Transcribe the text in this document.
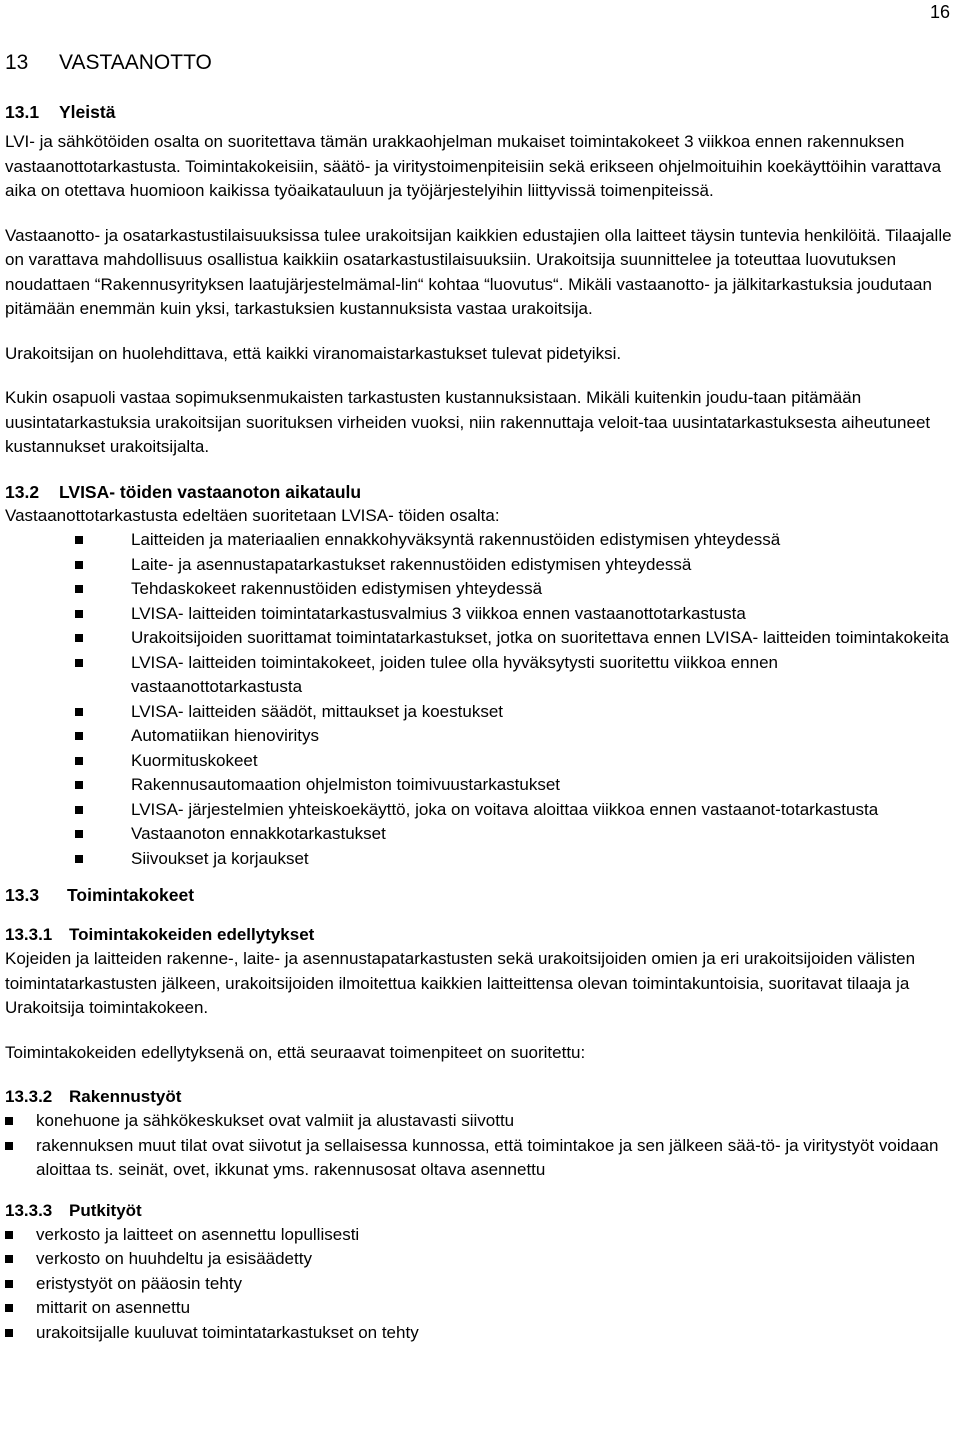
16
13 VASTAANOTTO
13.1 Yleistä

LVI- ja sähkötöiden osalta on suoritettava tämän urakkaohjelman mukaiset toimintakokeet 3 viikkoa ennen rakennuksen vastaanottotarkastusta. Toimintakokeisiin, säätö- ja viritystoimenpiteisiin sekä erikseen ohjelmoituihin koekäyttöihin varattava aika on otettava huomioon kaikissa työaikatauluun ja työjärjestelyihin liittyvissä toimenpiteissä.

Vastaanotto- ja osatarkastustilaisuuksissa tulee urakoitsijan kaikkien edustajien olla laitteet täysin tuntevia henkilöitä. Tilaajalle on varattava mahdollisuus osallistua kaikkiin osatarkastustilaisuuksiin. Urakoitsija suunnittelee ja toteuttaa luovutuksen noudattaen “Rakennusyrityksen laatujärjestelmämal-lin“ kohtaa “luovutus“. Mikäli vastaanotto- ja jälkitarkastuksia joudutaan pitämään enemmän kuin yksi, tarkastuksien kustannuksista vastaa urakoitsija.

Urakoitsijan on huolehdittava, että kaikki viranomaistarkastukset tulevat pidetyiksi.

Kukin osapuoli vastaa sopimuksenmukaisten tarkastusten kustannuksistaan. Mikäli kuitenkin joudu-taan pitämään uusintatarkastuksia urakoitsijan suorituksen virheiden vuoksi, niin rakennuttaja veloit-taa uusintatarkastuksesta aiheutuneet kustannukset urakoitsijalta.

13.2 LVISA- töiden vastaanoton aikataulu

Vastaanottotarkastusta edeltäen suoritetaan LVISA- töiden osalta:

Laitteiden ja materiaalien ennakkohyväksyntä rakennustöiden edistymisen yhteydessä
Laite- ja asennustapatarkastukset rakennustöiden edistymisen yhteydessä
Tehdaskokeet rakennustöiden edistymisen yhteydessä
LVISA- laitteiden toimintatarkastusvalmius 3 viikkoa ennen vastaanottotarkastusta
Urakoitsijoiden suorittamat toimintatarkastukset, jotka on suoritettava ennen LVISA- laitteiden toimintakokeita
LVISA- laitteiden toimintakokeet, joiden tulee olla hyväksytysti suoritettu viikkoa ennen vastaanottotarkastusta
LVISA- laitteiden säädöt, mittaukset ja koestukset
Automatiikan hienoviritys
Kuormituskokeet
Rakennusautomaation ohjelmiston toimivuustarkastukset
LVISA- järjestelmien yhteiskoekäyttö, joka on voitava aloittaa viikkoa ennen vastaanot-totarkastusta
Vastaanoton ennakkotarkastukset
Siivoukset ja korjaukset
13.3 Toimintakokeet
13.3.1 Toimintakokeiden edellytykset

Kojeiden ja laitteiden rakenne-, laite- ja asennustapatarkastusten sekä urakoitsijoiden omien ja eri urakoitsijoiden välisten toimintatarkastusten jälkeen, urakoitsijoiden ilmoitettua kaikkien laitteittensa olevan toimintakuntoisia, suoritavat tilaaja ja Urakoitsija toimintakokeen.

Toimintakokeiden edellytyksenä on, että seuraavat toimenpiteet on suoritettu:

13.3.2 Rakennustyöt
konehuone ja sähkökeskukset ovat valmiit ja alustavasti siivottu
rakennuksen muut tilat ovat siivotut ja sellaisessa kunnossa, että toimintakoe ja sen jälkeen sää-tö- ja viritystyöt voidaan aloittaa ts. seinät, ovet, ikkunat yms. rakennusosat oltava asennettu
13.3.3 Putkityöt
verkosto ja laitteet on asennettu lopullisesti
verkosto on huuhdeltu ja esisäädetty
eristystyöt on pääosin tehty
mittarit on asennettu
urakoitsijalle kuuluvat toimintatarkastukset on tehty
